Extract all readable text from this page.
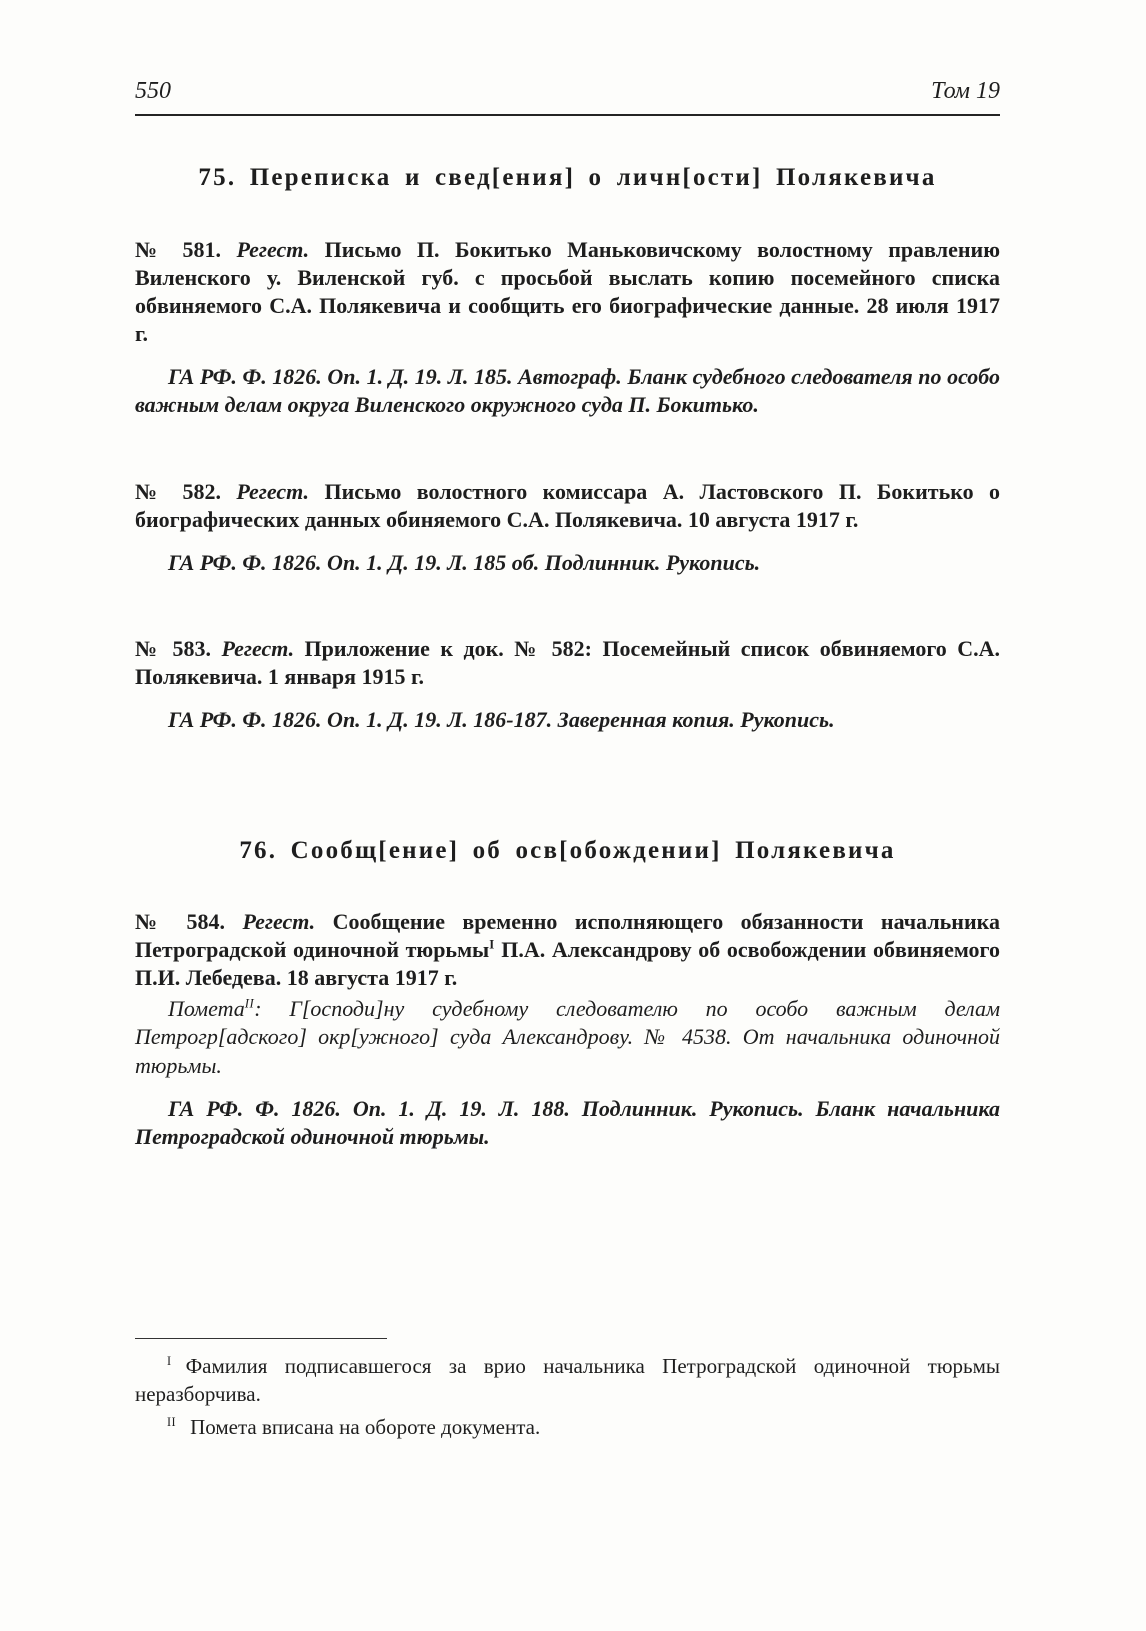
550	Том 19
75. Переписка и свед[ения] о личн[ости] Полякевича

№ 581. Регест. Письмо П. Бокитько Маньковичскому волостному правлению Виленского у. Виленской губ. с просьбой выслать копию посемейного списка обвиняемого С.А. Полякевича и сообщить его биографические данные. 28 июля 1917 г.

ГА РФ. Ф. 1826. Оп. 1. Д. 19. Л. 185. Автограф. Бланк судебного следователя по особо важным делам округа Виленского окружного суда П. Бокитько.

№ 582. Регест. Письмо волостного комиссара А. Ластовского П. Бокитько о биографических данных обиняемого С.А. Полякевича. 10 августа 1917 г.

ГА РФ. Ф. 1826. Оп. 1. Д. 19. Л. 185 об. Подлинник. Рукопись.

№ 583. Регест. Приложение к док. № 582: Посемейный список обвиняемого С.А. Полякевича. 1 января 1915 г.

ГА РФ. Ф. 1826. Оп. 1. Д. 19. Л. 186-187. Заверенная копия. Рукопись.

76. Сообщ[ение] об осв[обождении] Полякевича

№ 584. Регест. Сообщение временно исполняющего обязанности начальника Петроградской одиночной тюрьмы$^I$ П.А. Александрову об освобождении обвиняемого П.И. Лебедева. 18 августа 1917 г.

Помета$^{II}$: Г[осподи]ну судебному следователю по особо важным делам Петрогр[адского] окр[ужного] суда Александрову. № 4538. От начальника одиночной тюрьмы.

ГА РФ. Ф. 1826. Оп. 1. Д. 19. Л. 188. Подлинник. Рукопись. Бланк начальника Петроградской одиночной тюрьмы.

$^I$ Фамилия подписавшегося за врио начальника Петроградской одиночной тюрьмы неразборчива.

$^{II}$ Помета вписана на обороте документа.
